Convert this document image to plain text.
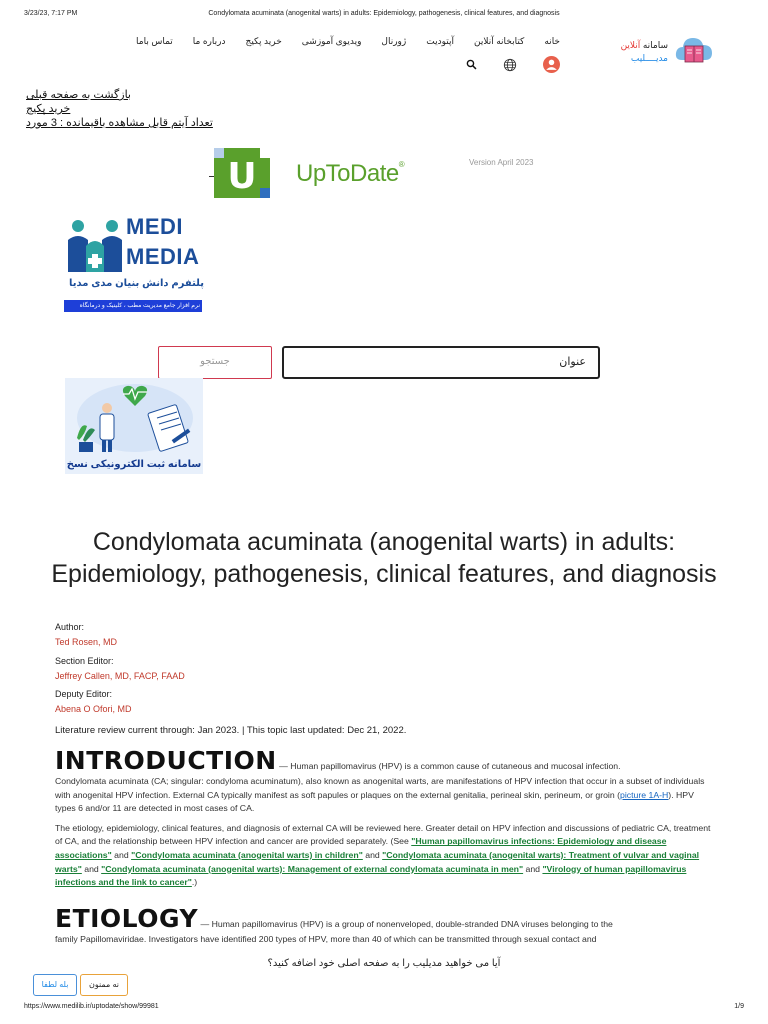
3/23/23, 7:17 PM	Condylomata acuminata (anogenital warts) in adults: Epidemiology, pathogenesis, clinical features, and diagnosis
سامانه آنلاین
مدیــــلیب
خانه
کتابخانه آنلاین
آپتودیت
ژورنال
ویدیوی آموزشی
خرید پکیج
درباره ما
تماس باما
بازگشت به صفحه قبلی
خرید پکیج
تعداد آیتم قابل مشاهده باقیمانده : 3 مورد
U UpToDate®	Version April 2023
MEDI
MEDIA
پلتفرم دانش بنیان مدی مدیا
نرم افزار جامع مدیریت مطب ، کلینیک و درمانگاه
جستجو	عنوان
سامانه ثبت الکترونیکی نسخ
Condylomata acuminata (anogenital warts) in adults: Epidemiology, pathogenesis, clinical features, and diagnosis
Author:
Ted Rosen, MD
Section Editor:
Jeffrey Callen, MD, FACP, FAAD
Deputy Editor:
Abena O Ofori, MD
Literature review current through: Jan 2023. | This topic last updated: Dec 21, 2022.
INTRODUCTION — Human papillomavirus (HPV) is a common cause of cutaneous and mucosal infection.
Condylomata acuminata (CA; singular: condyloma acuminatum), also known as anogenital warts, are manifestations of HPV infection that occur in a subset of individuals with anogenital HPV infection. External CA typically manifest as soft papules or plaques on the external genitalia, perineal skin, perineum, or groin (picture 1A-H). HPV types 6 and/or 11 are detected in most cases of CA.
The etiology, epidemiology, clinical features, and diagnosis of external CA will be reviewed here. Greater detail on HPV infection and discussions of pediatric CA, treatment of CA, and the relationship between HPV infection and cancer are provided separately. (See "Human papillomavirus infections: Epidemiology and disease associations" and "Condylomata acuminata (anogenital warts) in children" and "Condylomata acuminata (anogenital warts): Treatment of vulvar and vaginal warts" and "Condylomata acuminata (anogenital warts): Management of external condylomata acuminata in men" and "Virology of human papillomavirus infections and the link to cancer".)
ETIOLOGY — Human papillomavirus (HPV) is a group of nonenveloped, double-stranded DNA viruses belonging to the
family Papillomaviridae. Investigators have identified 200 types of HPV, more than 40 of which can be transmitted through sexual contact and
آیا می خواهید مدیلیب را به صفحه اصلی خود اضافه کنید؟
بله لطفا	نه ممنون
https://www.medilib.ir/uptodate/show/99981	1/9
